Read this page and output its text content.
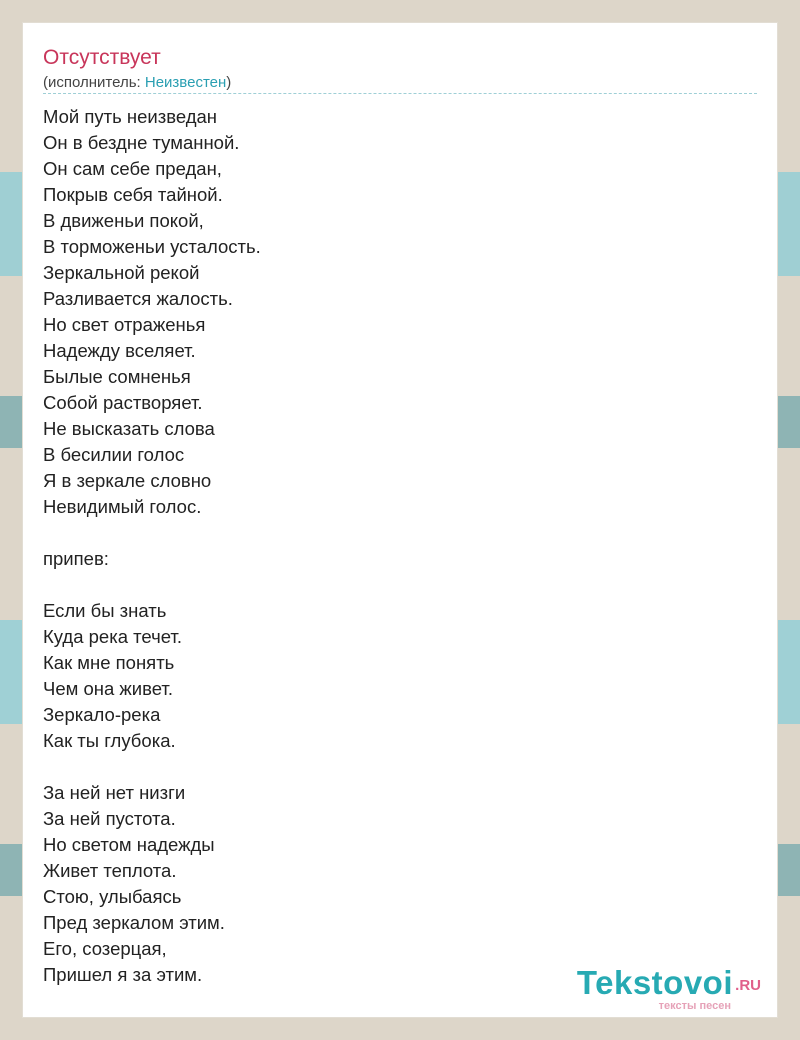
Отсутствует
(исполнитель: Неизвестен)
Мой путь неизведан
Он в бездне туманной.
Он сам себе предан,
Покрыв себя тайной.
В движеньи покой,
В торможеньи усталость.
Зеркальной рекой
Разливается жалость.
Но свет отраженья
Надежду вселяет.
Былые сомненья
Собой растворяет.
Не высказать слова
В бесилии голос
Я в зеркале словно
Невидимый голос.
припев:
Если бы знать
Куда река течет.
Как мне понять
Чем она живет.
Зеркало-река
Как ты глубока.
За ней нет низги
За ней пустота.
Но светом надежды
Живет теплота.
Стою, улыбаясь
Пред зеркалом этим.
Его, созерцая,
Пришел я за этим.	Tekstovoi .RU
тексты песен
